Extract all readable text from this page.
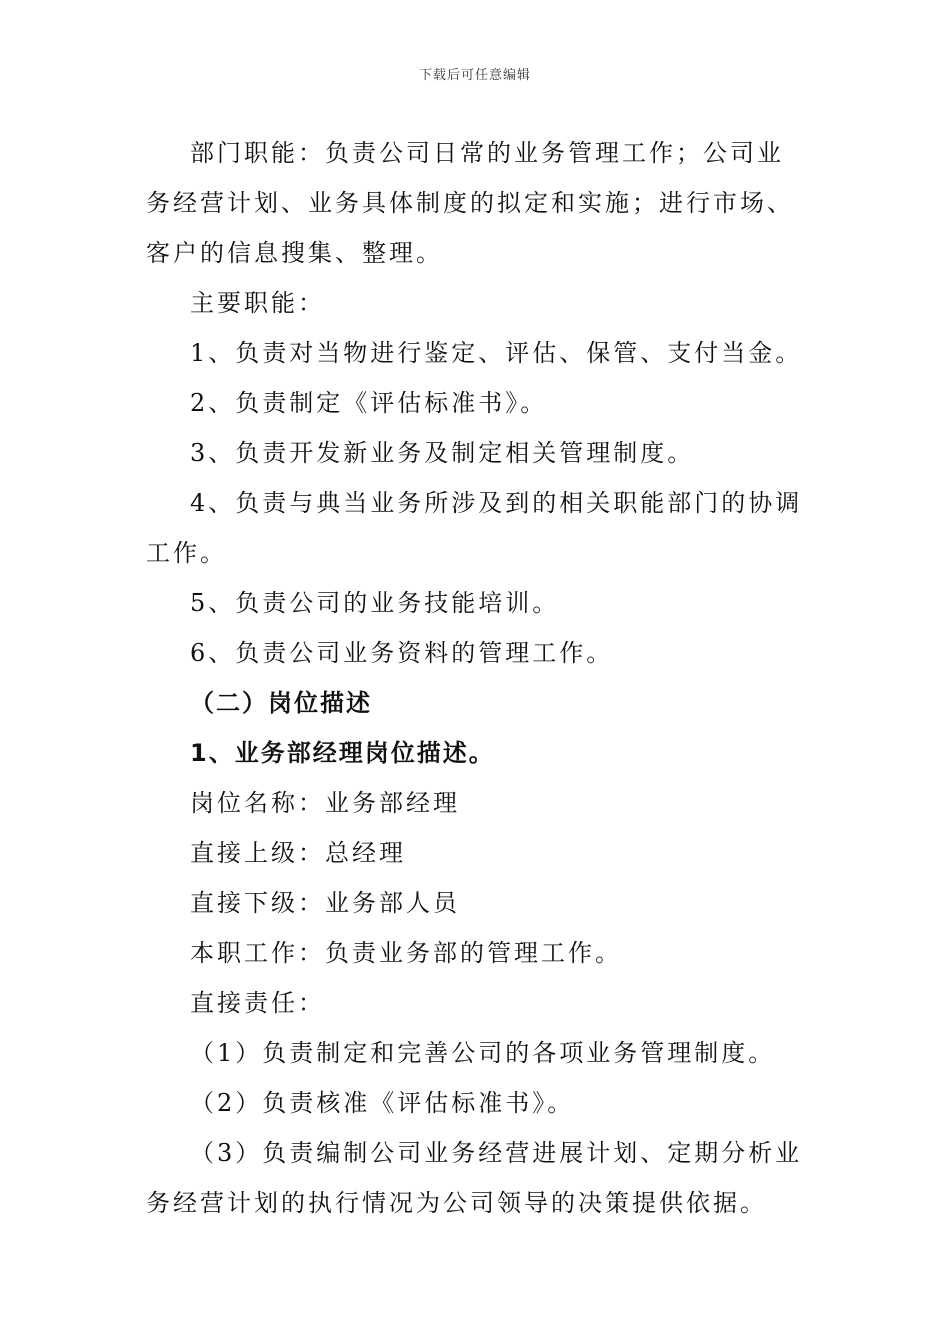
下载后可任意编辑

部门职能：负责公司日常的业务管理工作；公司业务经营计划、业务具体制度的拟定和实施；进行市场、客户的信息搜集、整理。

主要职能：

1、负责对当物进行鉴定、评估、保管、支付当金。

2、负责制定《评估标准书》。

3、负责开发新业务及制定相关管理制度。

4、负责与典当业务所涉及到的相关职能部门的协调工作。

5、负责公司的业务技能培训。

6、负责公司业务资料的管理工作。

（二）岗位描述

1、业务部经理岗位描述。

岗位名称：业务部经理

直接上级：总经理

直接下级：业务部人员

本职工作：负责业务部的管理工作。

直接责任：

（1）负责制定和完善公司的各项业务管理制度。

（2）负责核准《评估标准书》。

（3）负责编制公司业务经营进展计划、定期分析业务经营计划的执行情况为公司领导的决策提供依据。
